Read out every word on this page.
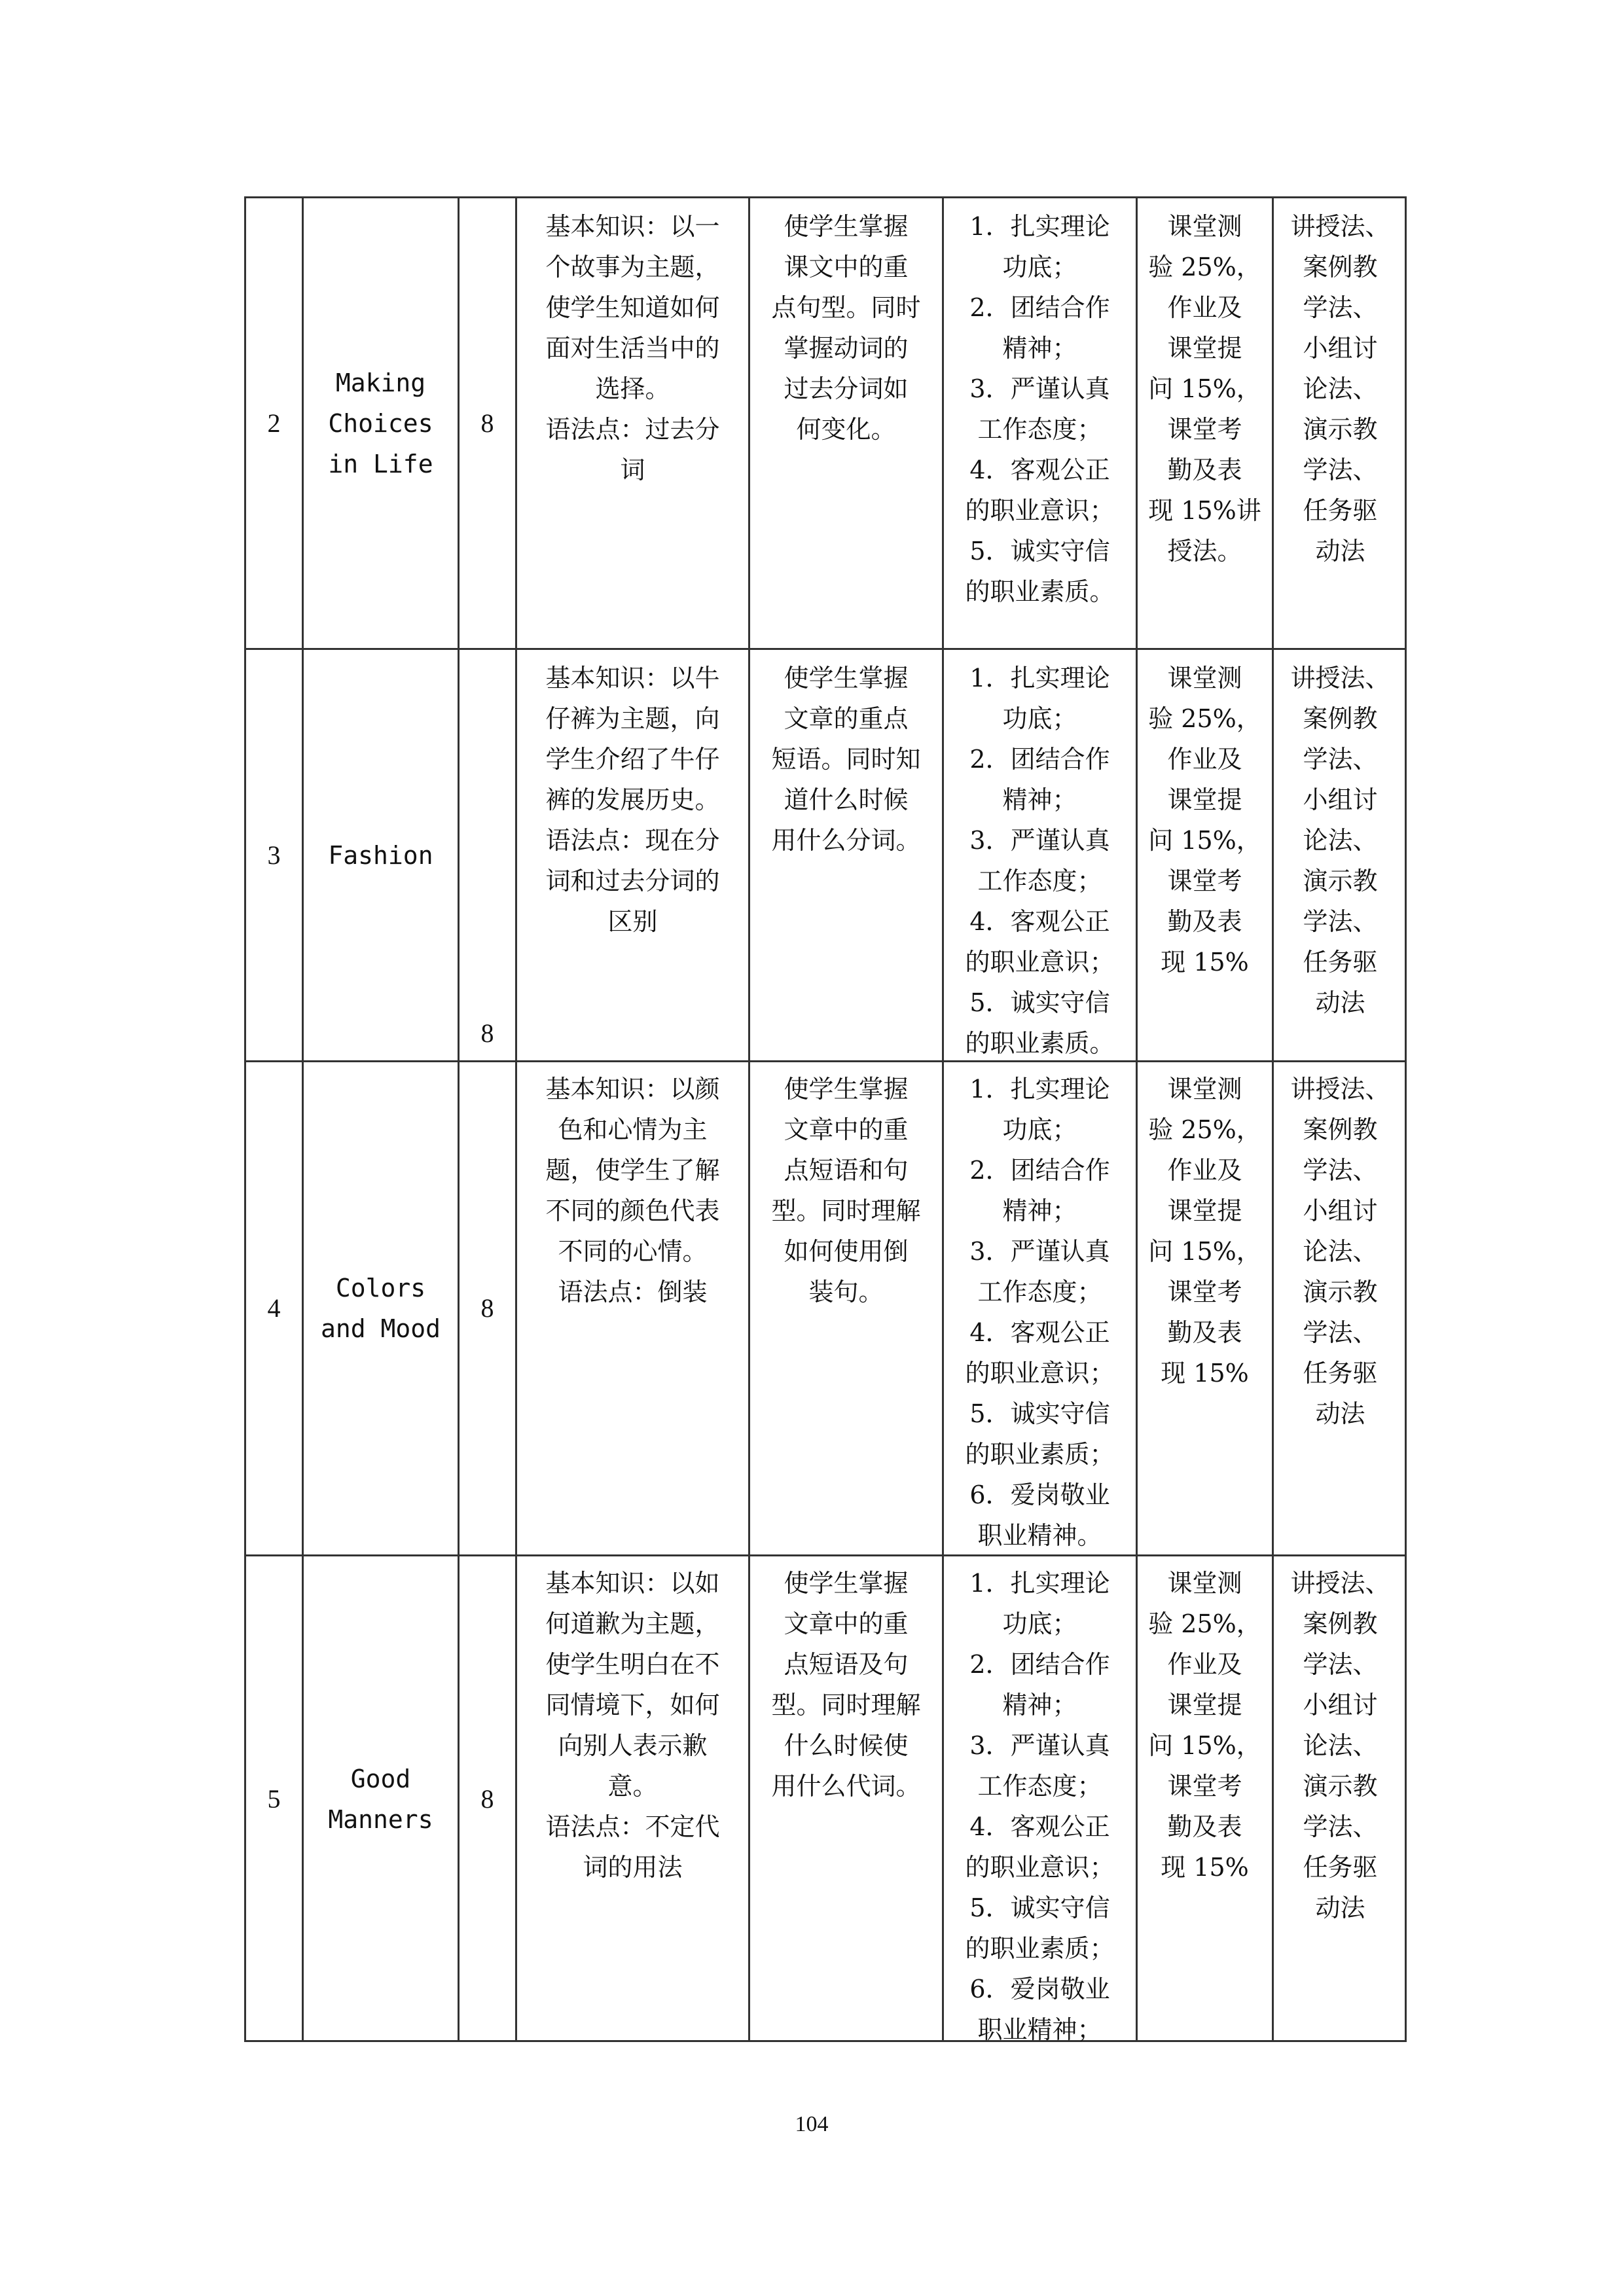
2
Making
Choices
in Life
8
基本知识：以一
个故事为主题，
使学生知道如何
面对生活当中的
选择。
语法点：过去分
词
使学生掌握
课文中的重
点句型。同时
掌握动词的
过去分词如
何变化。
1．扎实理论
功底；
2．团结合作
精神；
3．严谨认真
工作态度；
4．客观公正
的职业意识；
5．诚实守信
的职业素质。
课堂测
验 25%，
作业及
课堂提
问 15%，
课堂考
勤及表
现 15%讲
授法。
讲授法、
案例教
学法、
小组讨
论法、
演示教
学法、
任务驱
动法
3 Fashion
8
基本知识：以牛
仔裤为主题，向
学生介绍了牛仔
裤的发展历史。
语法点：现在分
词和过去分词的
区别
使学生掌握
文章的重点
短语。同时知
道什么时候
用什么分词。
1．扎实理论
功底；
2．团结合作
精神；
3．严谨认真
工作态度；
4．客观公正
的职业意识；
5．诚实守信
的职业素质。
课堂测
验 25%，
作业及
课堂提
问 15%，
课堂考
勤及表
现 15%
讲授法、
案例教
学法、
小组讨
论法、
演示教
学法、
任务驱
动法
4
Colors
and Mood
8
基本知识：以颜
色和心情为主
题，使学生了解
不同的颜色代表
不同的心情。
语法点：倒装
使学生掌握
文章中的重
点短语和句
型。同时理解
如何使用倒
装句。
1．扎实理论
功底；
2．团结合作
精神；
3．严谨认真
工作态度；
4．客观公正
的职业意识；
5．诚实守信
的职业素质；
6．爱岗敬业
职业精神。
课堂测
验 25%，
作业及
课堂提
问 15%，
课堂考
勤及表
现 15%
讲授法、
案例教
学法、
小组讨
论法、
演示教
学法、
任务驱
动法
5
Good
Manners
8
基本知识：以如
何道歉为主题，
使学生明白在不
同情境下，如何
向别人表示歉
意。
语法点：不定代
词的用法
使学生掌握
文章中的重
点短语及句
型。同时理解
什么时候使
用什么代词。
1．扎实理论
功底；
2．团结合作
精神；
3．严谨认真
工作态度；
4．客观公正
的职业意识；
5．诚实守信
的职业素质；
6．爱岗敬业
职业精神；
课堂测
验 25%，
作业及
课堂提
问 15%，
课堂考
勤及表
现 15%
讲授法、
案例教
学法、
小组讨
论法、
演示教
学法、
任务驱
动法
104
